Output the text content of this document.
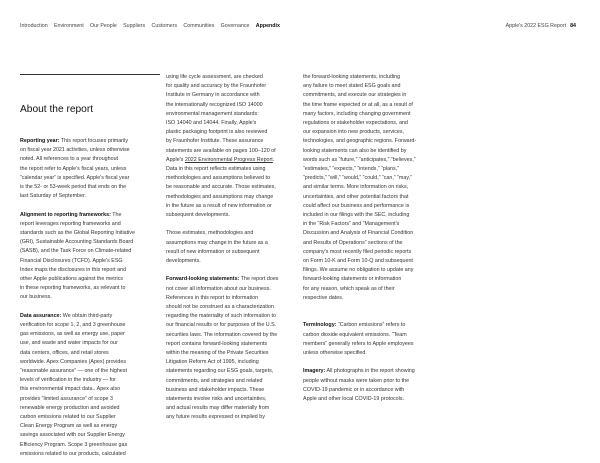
Introduction Environment Our People Suppliers Customers Communities Governance Appendix	Apple's 2022 ESG Report 84
About the report
Reporting year: This report focuses primarily
on fiscal year 2021 activities, unless otherwise
noted. All references to a year throughout
the report refer to Apple's fiscal years, unless
“calendar year” is specified. Apple's fiscal year
is the 52- or 53-week period that ends on the
last Saturday of September.
Alignment to reporting frameworks: The
report leverages reporting frameworks and
standards such as the Global Reporting Initiative
(GRI), Sustainable Accounting Standards Board
(SASB), and the Task Force on Climate-related
Financial Disclosures (TCFD). Apple's ESG
Index maps the disclosures in this report and
other Apple publications against the metrics
in these reporting frameworks, as relevant to
our business.
Data assurance: We obtain third-party
verification for scope 1, 2, and 3 greenhouse
gas emissions, as well as energy use, paper
use, and waste and water impacts for our
data centers, offices, and retail stores
worldwide. Apex Companies (Apex) provides
“reasonable assurance” — one of the highest
levels of verification in the industry — for
this environmental impact data.. Apex also
provides “limited assurance” of scope 3
renewable energy production and avoided
carbon emissions related to our Supplier
Clean Energy Program as well as energy
savings associated with our Supplier Energy
Efficiency Program. Scope 3 greenhouse gas
emissions related to our products, calculated
using life cycle assessment, are checked
for quality and accuracy by the Fraunhofer
Institute in Germany in accordance with
the internationally recognized ISO 14000
environmental management standards:
ISO 14040 and 14044. Finally, Apple's
plastic packaging footprint is also reviewed
by Fraunhofer Institute. These assurance
statements are available on pages 100–120 of
Apple's 2022 Environmental Progress Report.
Data in this report reflects estimates using
methodologies and assumptions believed to
be reasonable and accurate. Those estimates,
methodologies and assumptions may change
in the future as a result of new information or
subsequent developments.
Those estimates, methodologies and
assumptions may change in the future as a
result of new information or subsequent
developments.
Forward-looking statements: The report does
not cover all information about our business.
References in this report to information
should not be construed as a characterization
regarding the materiality of such information to
our financial results or for purposes of the U.S.
securities laws. The information covered by the
report contains forward-looking statements
within the meaning of the Private Securities
Litigation Reform Act of 1995, including
statements regarding our ESG goals, targets,
commitments, and strategies and related
business and stakeholder impacts. These
statements involve risks and uncertainties,
and actual results may differ materially from
any future results expressed or implied by
the forward-looking statements, including
any failure to meet stated ESG goals and
commitments, and execute our strategies in
the time frame expected or at all, as a result of
many factors, including changing government
regulations or stakeholder expectations, and
our expansion into new products, services,
technologies, and geographic regions. Forward-
looking statements can also be identified by
words such as “future,” “anticipates,” “believes,”
“estimates,” “expects,” “intends,” “plans,”
“predicts,” “will,” “would,” “could,” “can,” “may,”
and similar terms. More information on risks,
uncertainties, and other potential factors that
could affect our business and performance is
included in our filings with the SEC, including
in the “Risk Factors” and “Management's
Discussion and Analysis of Financial Condition
and Results of Operations” sections of the
company's most recently filed periodic reports
on Form 10-K and Form 10-Q and subsequent
filings. We assume no obligation to update any
forward-looking statements or information
for any reason, which speak as of their
respective dates.
Terminology: “Carbon emissions” refers to
carbon dioxide equivalent emissions. “Team
members” generally refers to Apple employees
unless otherwise specified.
Imagery: All photographs in the report showing
people without masks were taken prior to the
COVID-19 pandemic or in accordance with
Apple and other local COVID-19 protocols.
